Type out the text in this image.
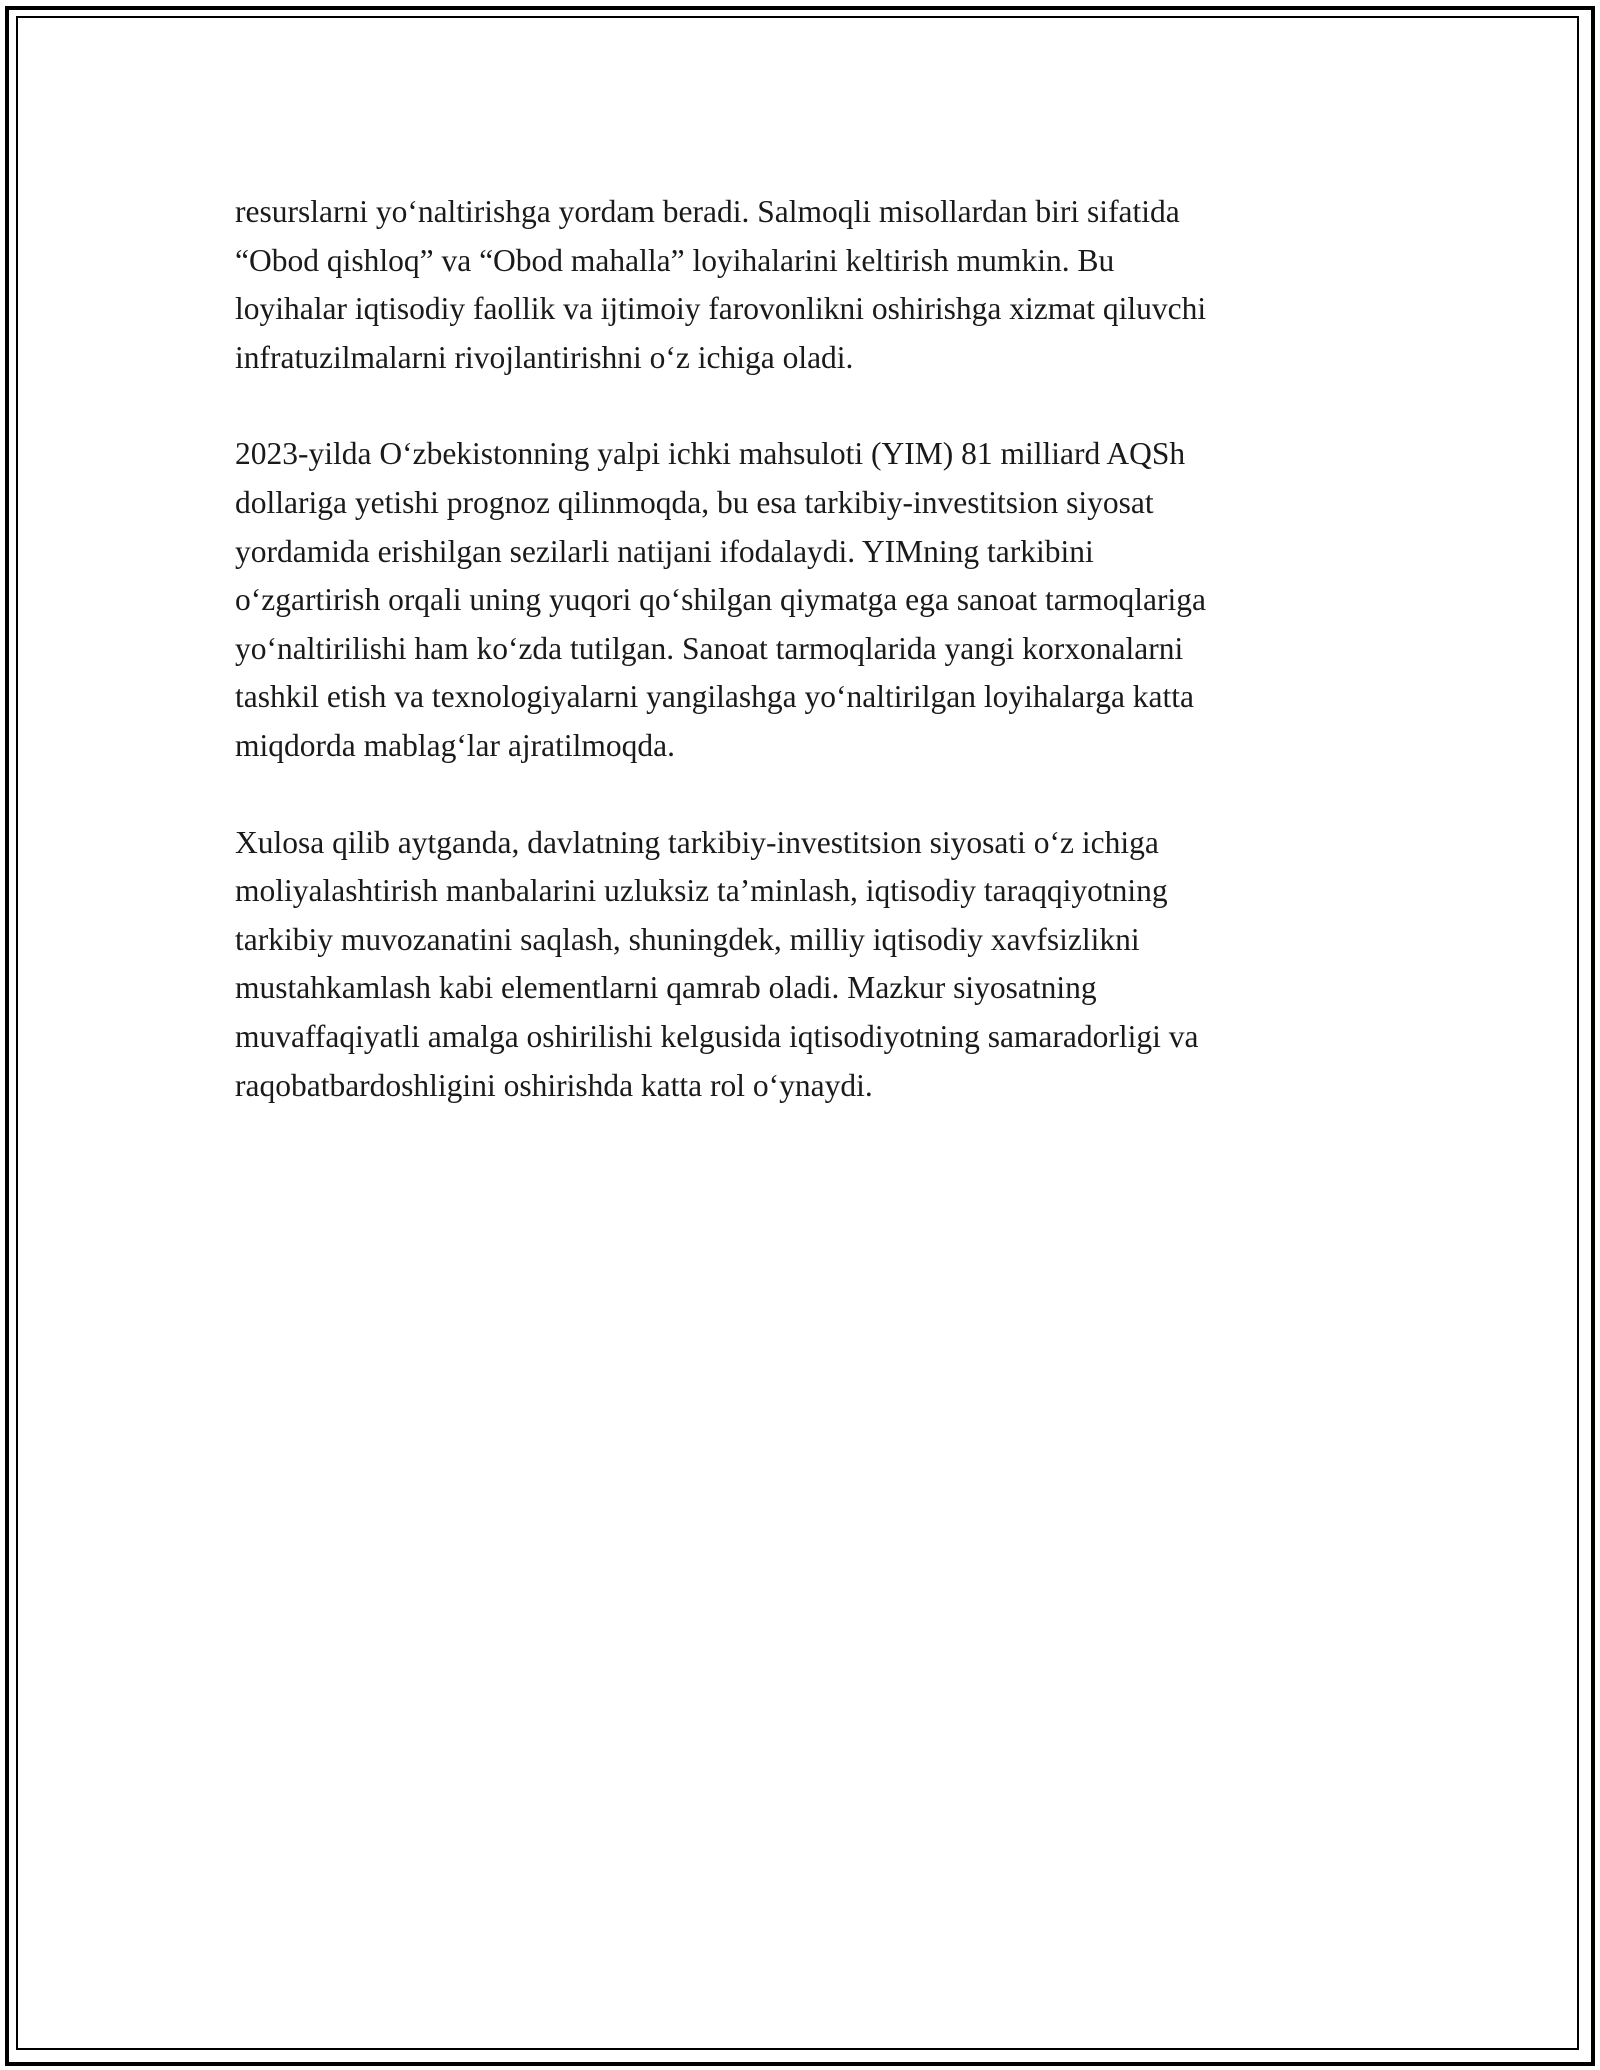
resurslarni yo‘naltirishga yordam beradi. Salmoqli misollardan biri sifatida
“Obod qishloq” va “Obod mahalla” loyihalarini keltirish mumkin. Bu
loyihalar iqtisodiy faollik va ijtimoiy farovonlikni oshirishga xizmat qiluvchi
infratuzilmalarni rivojlantirishni o‘z ichiga oladi.

2023-yilda O‘zbekistonning yalpi ichki mahsuloti (YIM) 81 milliard AQSh
dollariga yetishi prognoz qilinmoqda, bu esa tarkibiy-investitsion siyosat
yordamida erishilgan sezilarli natijani ifodalaydi. YIMning tarkibini
o‘zgartirish orqali uning yuqori qo‘shilgan qiymatga ega sanoat tarmoqlariga
yo‘naltirilishi ham ko‘zda tutilgan. Sanoat tarmoqlarida yangi korxonalarni
tashkil etish va texnologiyalarni yangilashga yo‘naltirilgan loyihalarga katta
miqdorda mablag‘lar ajratilmoqda.

Xulosa qilib aytganda, davlatning tarkibiy-investitsion siyosati o‘z ichiga
moliyalashtirish manbalarini uzluksiz ta’minlash, iqtisodiy taraqqiyotning
tarkibiy muvozanatini saqlash, shuningdek, milliy iqtisodiy xavfsizlikni
mustahkamlash kabi elementlarni qamrab oladi. Mazkur siyosatning
muvaffaqiyatli amalga oshirilishi kelgusida iqtisodiyotning samaradorligi va
raqobatbardoshligini oshirishda katta rol o‘ynaydi.
